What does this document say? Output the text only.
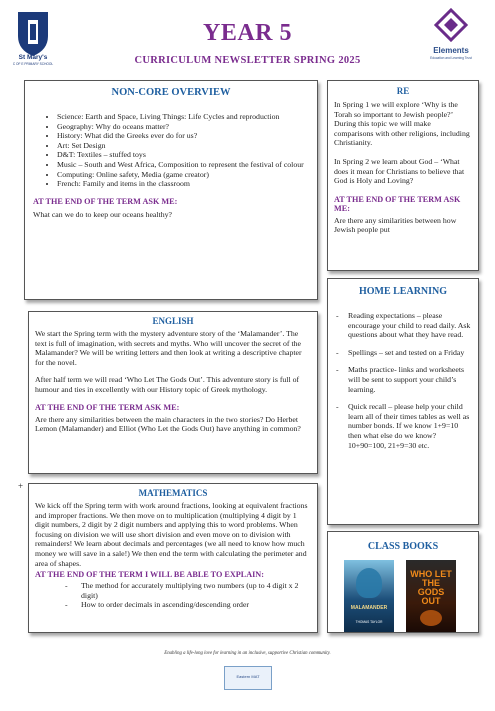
St Mary's
C OF E PRIMARY SCHOOL
Elements
Education and Learning Trust
YEAR 5
CURRICULUM NEWSLETTER SPRING 2025
NON-CORE OVERVIEW
• Science: Earth and Space, Living Things: Life Cycles and reproduction
• Geography: Why do oceans matter?
• History: What did the Greeks ever do for us?
• Art: Set Design
• D&T: Textiles – stuffed toys
• Music – South and West Africa, Composition to represent the festival of colour
• Computing: Online safety, Media (game creator)
• French: Family and items in the classroom
AT THE END OF THE TERM ASK ME:
What can we do to keep our oceans healthy?
RE
In Spring 1 we will explore ‘Why is the Torah so important to Jewish people?’ During this topic we will make comparisons with other religions, including Christianity.
In Spring 2 we learn about God – ‘What does it mean for Christians to believe that God is Holy and Loving?
AT THE END OF THE TERM ASK ME:
Are there any similarities between how Jewish people put
HOME LEARNING
- Reading expectations – please encourage your child to read daily. Ask questions about what they have read.
- Spellings – set and tested on a Friday
- Maths practice- links and worksheets will be sent to support your child’s learning.
- Quick recall – please help your child learn all of their times tables as well as number bonds. If we know 1+9=10 then what else do we know? 10+90=100, 21+9=30 etc.
ENGLISH
We start the Spring term with the mystery adventure story of the ‘Malamander’. The text is full of imagination, with secrets and myths. Who will uncover the secret of the Malamander? We will be writing letters and then look at writing a descriptive chapter for the novel.
After half term we will read ‘Who Let The Gods Out’. This adventure story is full of humour and ties in excellently with our History topic of Greek mythology.
AT THE END OF THE TERM ASK ME:
Are there any similarities between the main characters in the two stories? Do Herbet Lemon (Malamander) and Elliot (Who Let the Gods Out) have anything in common?
+
MATHEMATICS
We kick off the Spring term with work around fractions, looking at equivalent fractions and improper fractions. We then move on to multiplication (multiplying 4 digit by 1 digit numbers, 2 digit by 2 digit numbers and applying this to word problems. When focusing on division we will use short division and even move on to division with remainders! We learn about decimals and percentages (we all need to know how much money we will save in a sale!) We then end the term with calculating the perimeter and area of shapes.
AT THE END OF THE TERM I WILL BE ABLE TO EXPLAIN:
- The method for accurately multiplying two numbers (up to 4 digit x 2 digit)
- How to order decimals in ascending/descending order
CLASS BOOKS
MALAMANDER
THOMAS TAYLOR
WHO LET THE GODS OUT
Enabling a life-long love for learning in an inclusive, supportive Christian community.
Eastern MAT
